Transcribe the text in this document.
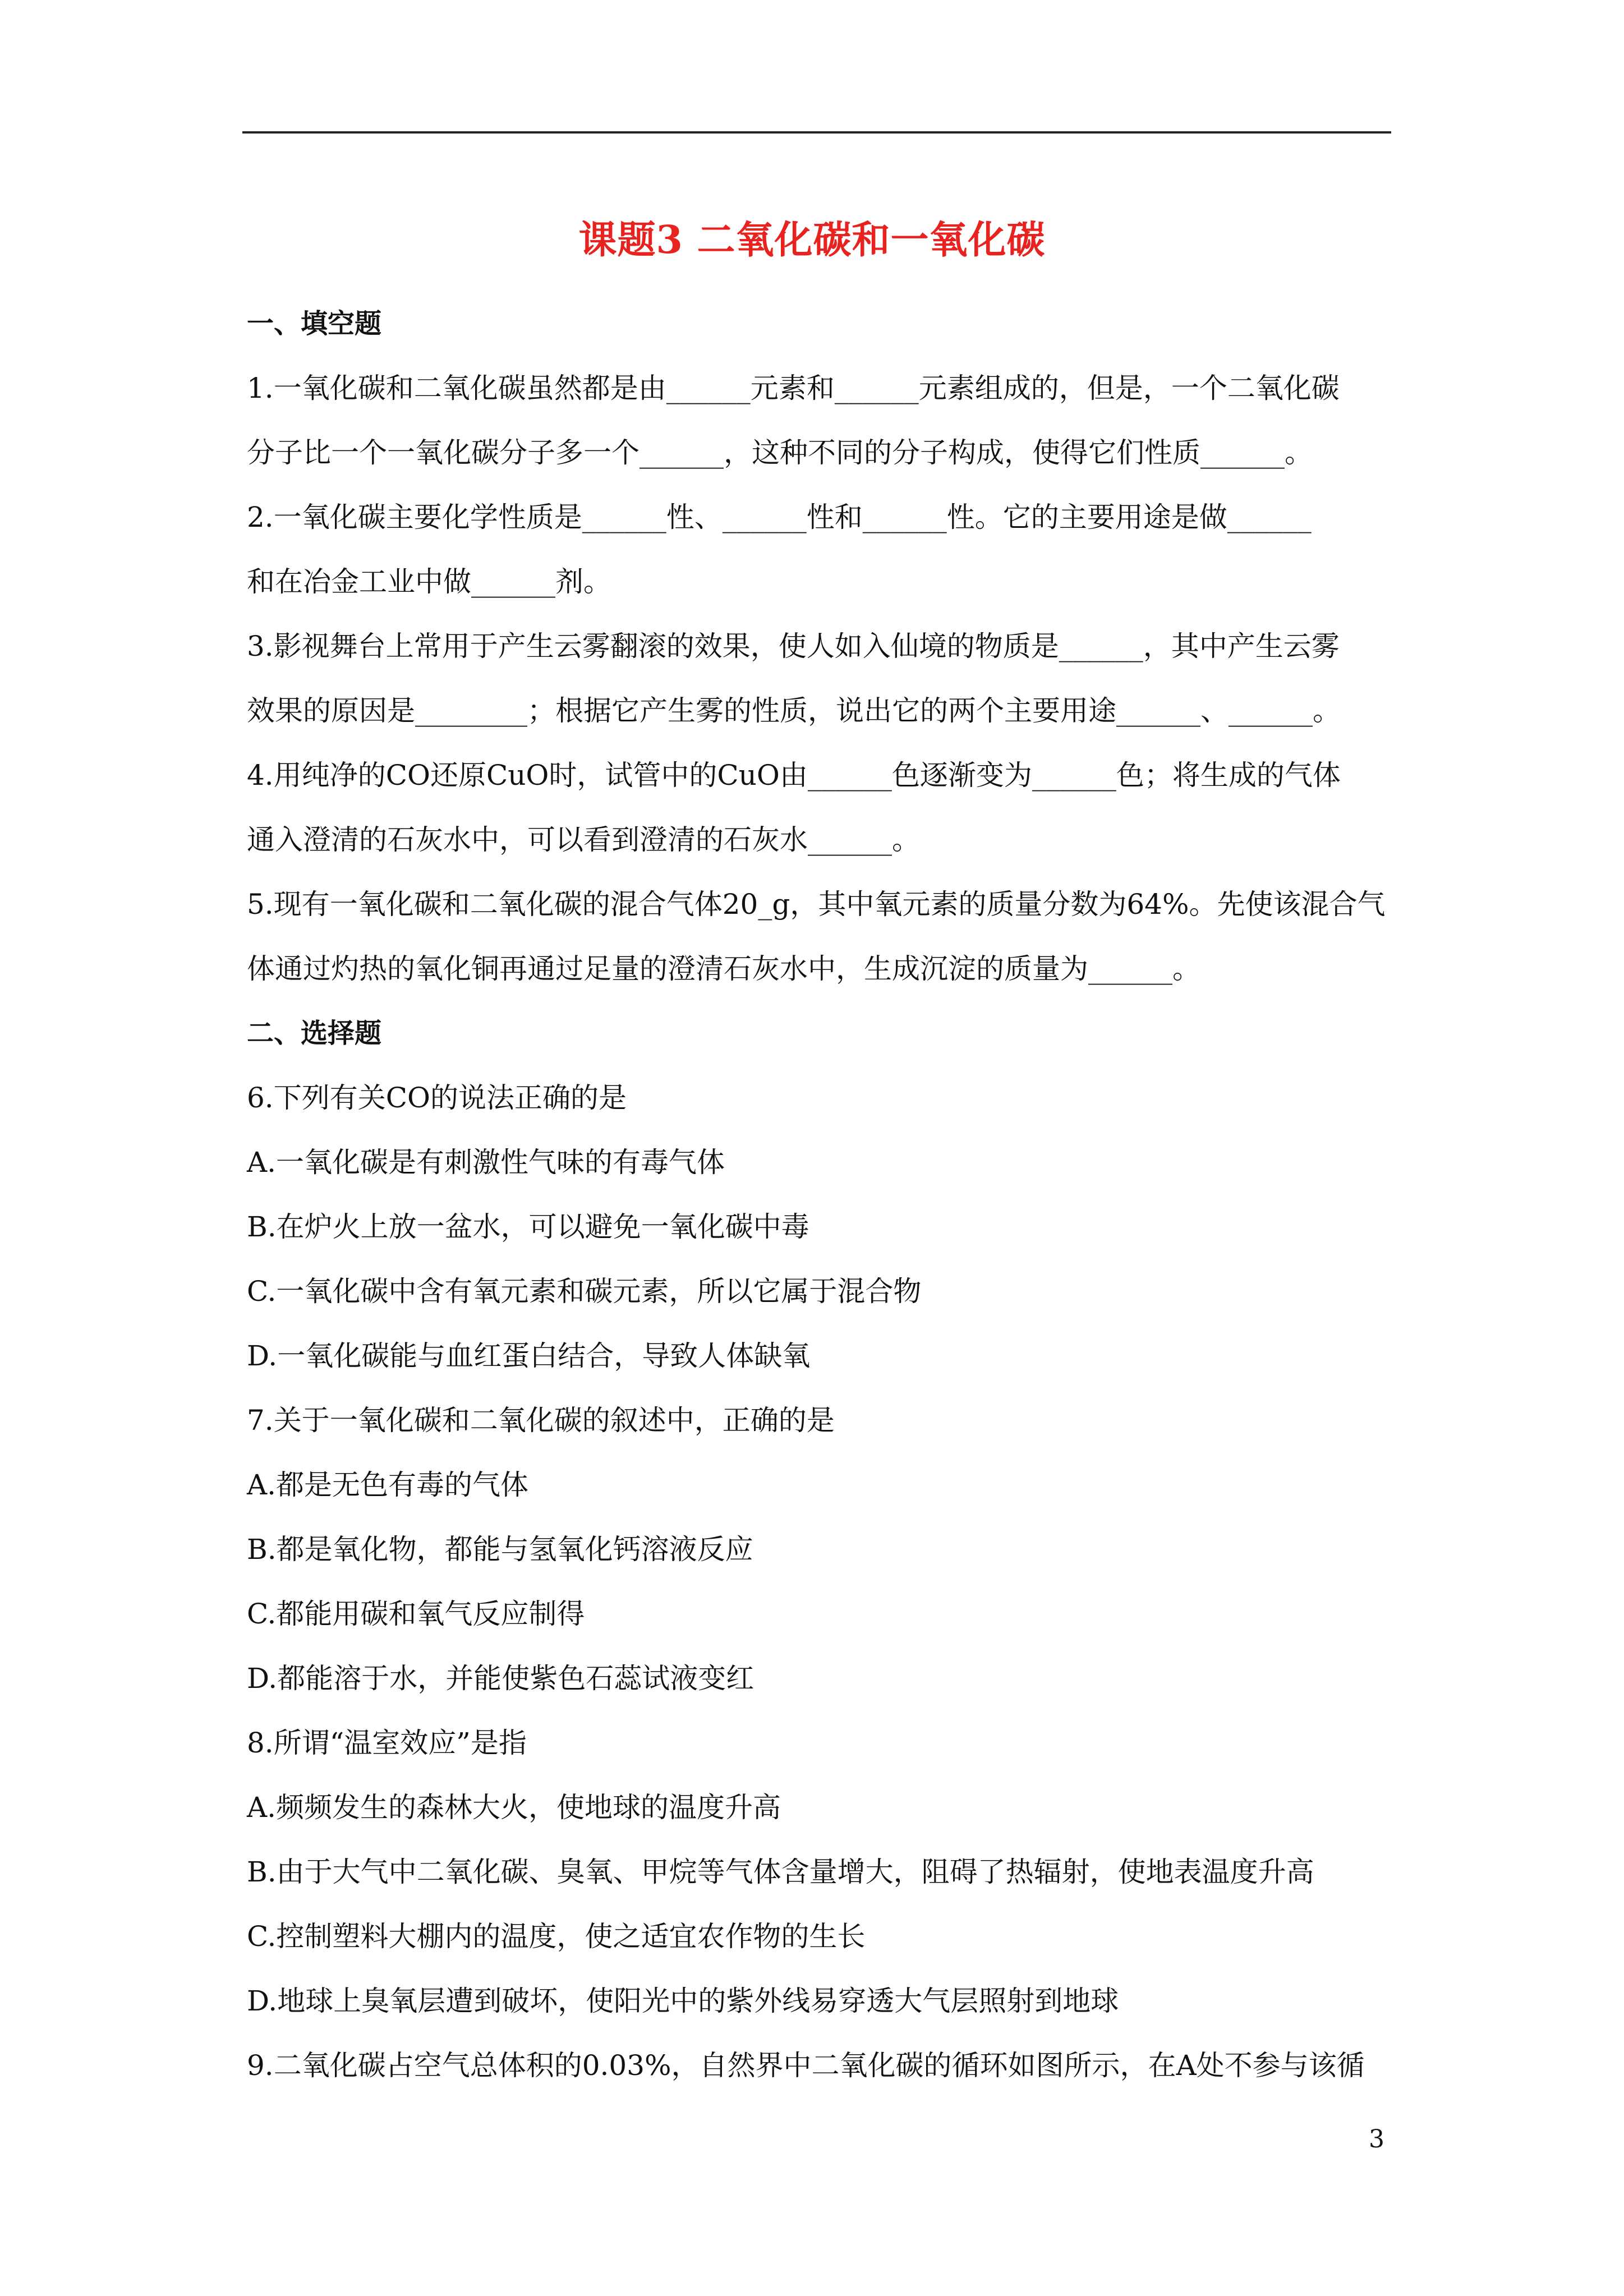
课题3 二氧化碳和一氧化碳
一、填空题
1.一氧化碳和二氧化碳虽然都是由______元素和______元素组成的，但是，一个二氧化碳
分子比一个一氧化碳分子多一个______，这种不同的分子构成，使得它们性质______。
2.一氧化碳主要化学性质是______性、______性和______性。它的主要用途是做______
和在冶金工业中做______剂。
3.影视舞台上常用于产生云雾翻滚的效果，使人如入仙境的物质是______，其中产生云雾
效果的原因是________；根据它产生雾的性质，说出它的两个主要用途______、______。
4.用纯净的CO还原CuO时，试管中的CuO由______色逐渐变为______色；将生成的气体
通入澄清的石灰水中，可以看到澄清的石灰水______。
5.现有一氧化碳和二氧化碳的混合气体20_g，其中氧元素的质量分数为64%。先使该混合气
体通过灼热的氧化铜再通过足量的澄清石灰水中，生成沉淀的质量为______。
二、选择题
6.下列有关CO的说法正确的是
A.一氧化碳是有刺激性气味的有毒气体
B.在炉火上放一盆水，可以避免一氧化碳中毒
C.一氧化碳中含有氧元素和碳元素，所以它属于混合物
D.一氧化碳能与血红蛋白结合，导致人体缺氧
7.关于一氧化碳和二氧化碳的叙述中，正确的是
A.都是无色有毒的气体
B.都是氧化物，都能与氢氧化钙溶液反应
C.都能用碳和氧气反应制得
D.都能溶于水，并能使紫色石蕊试液变红
8.所谓“温室效应”是指
A.频频发生的森林大火，使地球的温度升高
B.由于大气中二氧化碳、臭氧、甲烷等气体含量增大，阻碍了热辐射，使地表温度升高
C.控制塑料大棚内的温度，使之适宜农作物的生长
D.地球上臭氧层遭到破坏，使阳光中的紫外线易穿透大气层照射到地球
9.二氧化碳占空气总体积的0.03%，自然界中二氧化碳的循环如图所示，在A处不参与该循
3
